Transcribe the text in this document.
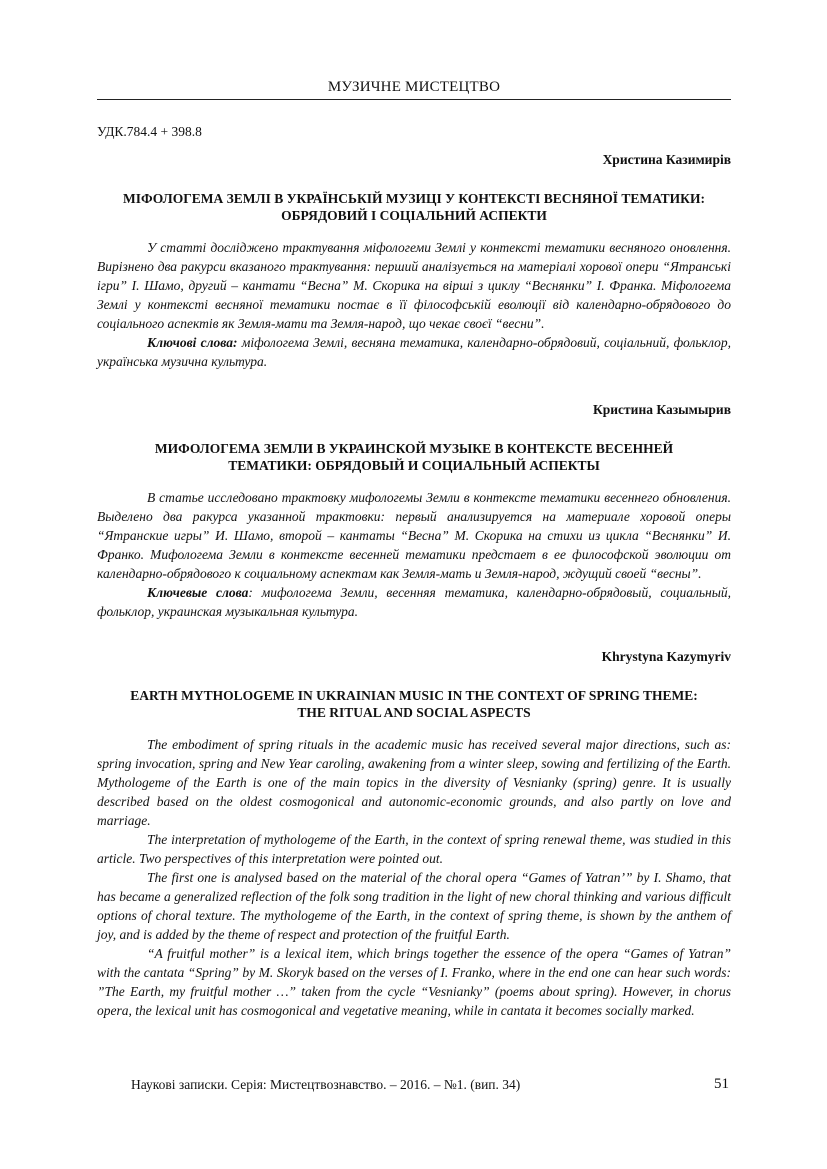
МУЗИЧНЕ МИСТЕЦТВО
УДК.784.4 + 398.8

Христина Казимирів

МІФОЛОГЕМА ЗЕМЛІ В УКРАЇНСЬКІЙ МУЗИЦІ У КОНТЕКСТІ ВЕСНЯНОЇ ТЕМАТИКИ: ОБРЯДОВИЙ І СОЦІАЛЬНИЙ АСПЕКТИ

У статті досліджено трактування міфологеми Землі у контексті тематики весняного оновлення. Вирізнено два ракурси вказаного трактування: перший аналізується на матеріалі хорової опери “Ятранські ігри” І. Шамо, другий – кантати “Весна” М. Скорика на вірші з циклу “Веснянки” І. Франка. Міфологема Землі у контексті весняної тематики постає в її філософській еволюції від календарно-обрядового до соціального аспектів як Земля-мати та Земля-народ, що чекає своєї “весни”.

Ключові слова: міфологема Землі, весняна тематика, календарно-обрядовий, соціальний, фольклор, українська музична культура.

Кристина Казымырив

МИФОЛОГЕМА ЗЕМЛИ В УКРАИНСКОЙ МУЗЫКЕ В КОНТЕКСТЕ ВЕСЕННЕЙ ТЕМАТИКИ: ОБРЯДОВЫЙ И СОЦИАЛЬНЫЙ АСПЕКТЫ

В статье исследовано трактовку мифологемы Земли в контексте тематики весеннего обновления. Выделено два ракурса указанной трактовки: первый анализируется на материале хоровой оперы “Ятранские игры” И. Шамо, второй – кантаты “Весна” М. Скорика на стихи из цикла “Веснянки” И. Франко. Мифологема Земли в контексте весенней тематики предстает в ее философской эволюции от календарно-обрядового к социальному аспектам как Земля-мать и Земля-народ, ждущий своей “весны”.

Ключевые слова: мифологема Земли, весенняя тематика, календарно-обрядовый, социальный, фольклор, украинская музыкальная культура.

Khrystyna Kazymyriv

EARTH MYTHOLOGEME IN UKRAINIAN MUSIC IN THE CONTEXT OF SPRING THEME: THE RITUAL AND SOCIAL ASPECTS

The embodiment of spring rituals in the academic music has received several major directions, such as: spring invocation, spring and New Year caroling, awakening from a winter sleep, sowing and fertilizing of the Earth. Mythologeme of the Earth is one of the main topics in the diversity of Vesnianky (spring) genre. It is usually described based on the oldest cosmogonical and autonomic-economic grounds, and also partly on love and marriage.

The interpretation of mythologeme of the Earth, in the context of spring renewal theme, was studied in this article. Two perspectives of this interpretation were pointed out.

The first one is analysed based on the material of the choral opera “Games of Yatran’” by I. Shamo, that has became a generalized reflection of the folk song tradition in the light of new choral thinking and various difficult options of choral texture. The mythologeme of the Earth, in the context of spring theme, is shown by the anthem of joy, and is added by the theme of respect and protection of the fruitful Earth.

“A fruitful mother” is a lexical item, which brings together the essence of the opera “Games of Yatran” with the cantata “Spring” by M. Skoryk based on the verses of I. Franko, where in the end one can hear such words: ”The Earth, my fruitful mother …” taken from the cycle “Vesnianky” (poems about spring). However, in chorus opera, the lexical unit has cosmogonical and vegetative meaning, while in cantata it becomes socially marked.

Наукові записки. Серія: Мистецтвознавство. – 2016. – №1. (вип. 34)	51
